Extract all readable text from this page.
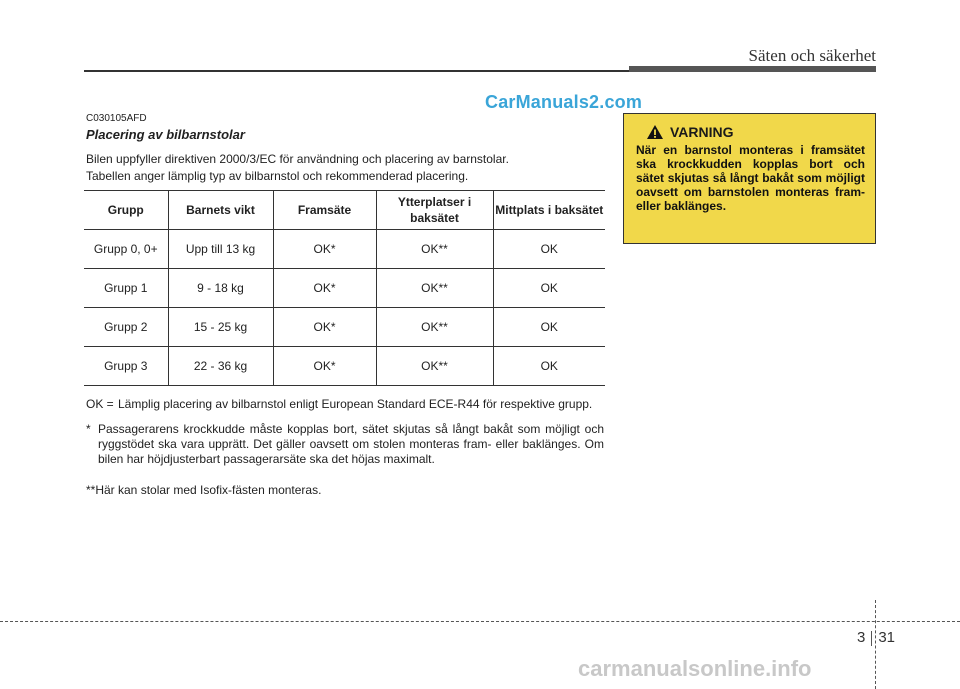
Säten och säkerhet
CarManuals2.com
C030105AFD
Placering av bilbarnstolar

Bilen uppfyller direktiven 2000/3/EC för användning och placering av barnstolar.

Tabellen anger lämplig typ av bilbarnstol och rekommenderad placering.

Grupp	Barnets vikt	Framsäte	Ytterplatser i baksätet	Mittplats i baksätet
Grupp 0, 0+	Upp till 13 kg	OK*	OK**	OK
Grupp 1	9 - 18 kg	OK*	OK**	OK
Grupp 2	15 - 25 kg	OK*	OK**	OK
Grupp 3	22 - 36 kg	OK*	OK**	OK
OK = Lämplig placering av bilbarnstol enligt European Standard ECE-R44 för respektive grupp.
* Passagerarens krockkudde måste kopplas bort, sätet skjutas så långt bakåt som möjligt och ryggstödet ska vara upprätt. Det gäller oavsett om stolen monteras fram- eller baklänges. Om bilen har höjdjusterbart passagerarsäte ska det höjas maximalt.
**Här kan stolar med Isofix-fästen monteras.
VARNING
När en barnstol monteras i framsätet ska krockkudden kopplas bort och sätet skjutas så långt bakåt som möjligt oavsett om barnstolen monteras fram- eller baklänges.
3 31
carmanualsonline.info
